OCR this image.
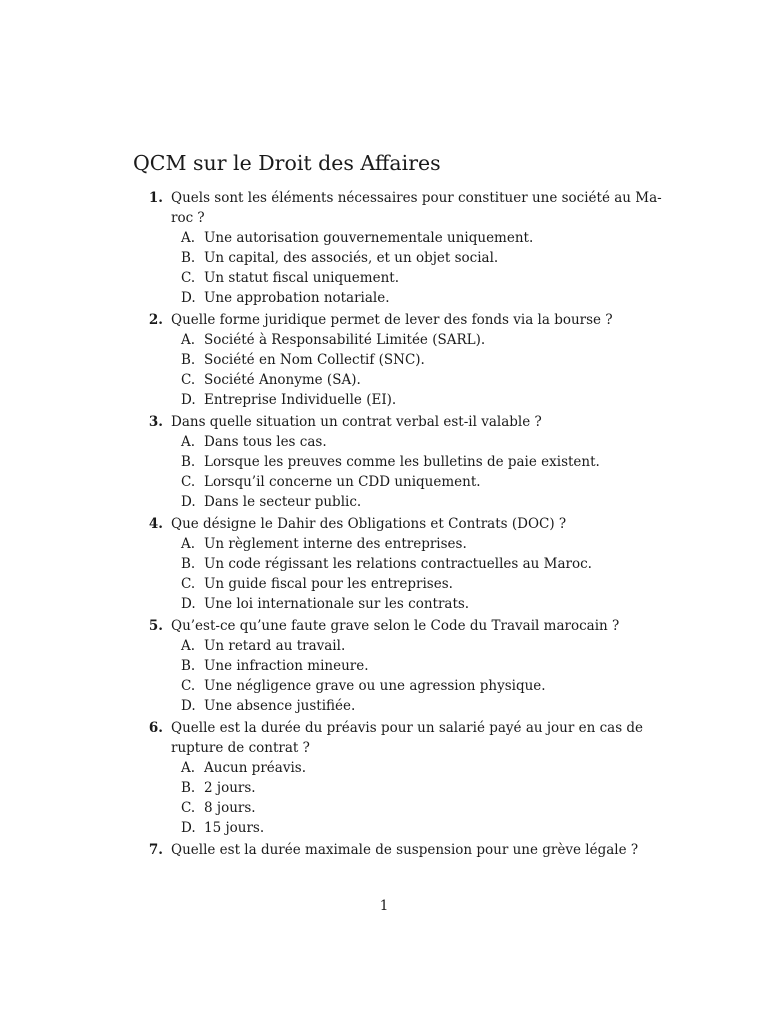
QCM sur le Droit des Affaires
1. Quels sont les éléments nécessaires pour constituer une société au Ma-
roc ?
A. Une autorisation gouvernementale uniquement.
B. Un capital, des associés, et un objet social.
C. Un statut fiscal uniquement.
D. Une approbation notariale.
2. Quelle forme juridique permet de lever des fonds via la bourse ?
A. Société à Responsabilité Limitée (SARL).
B. Société en Nom Collectif (SNC).
C. Société Anonyme (SA).
D. Entreprise Individuelle (EI).
3. Dans quelle situation un contrat verbal est-il valable ?
A. Dans tous les cas.
B. Lorsque les preuves comme les bulletins de paie existent.
C. Lorsqu’il concerne un CDD uniquement.
D. Dans le secteur public.
4. Que désigne le Dahir des Obligations et Contrats (DOC) ?
A. Un règlement interne des entreprises.
B. Un code régissant les relations contractuelles au Maroc.
C. Un guide fiscal pour les entreprises.
D. Une loi internationale sur les contrats.
5. Qu’est-ce qu’une faute grave selon le Code du Travail marocain ?
A. Un retard au travail.
B. Une infraction mineure.
C. Une négligence grave ou une agression physique.
D. Une absence justifiée.
6. Quelle est la durée du préavis pour un salarié payé au jour en cas de
rupture de contrat ?
A. Aucun préavis.
B. 2 jours.
C. 8 jours.
D. 15 jours.
7. Quelle est la durée maximale de suspension pour une grève légale ?
1
